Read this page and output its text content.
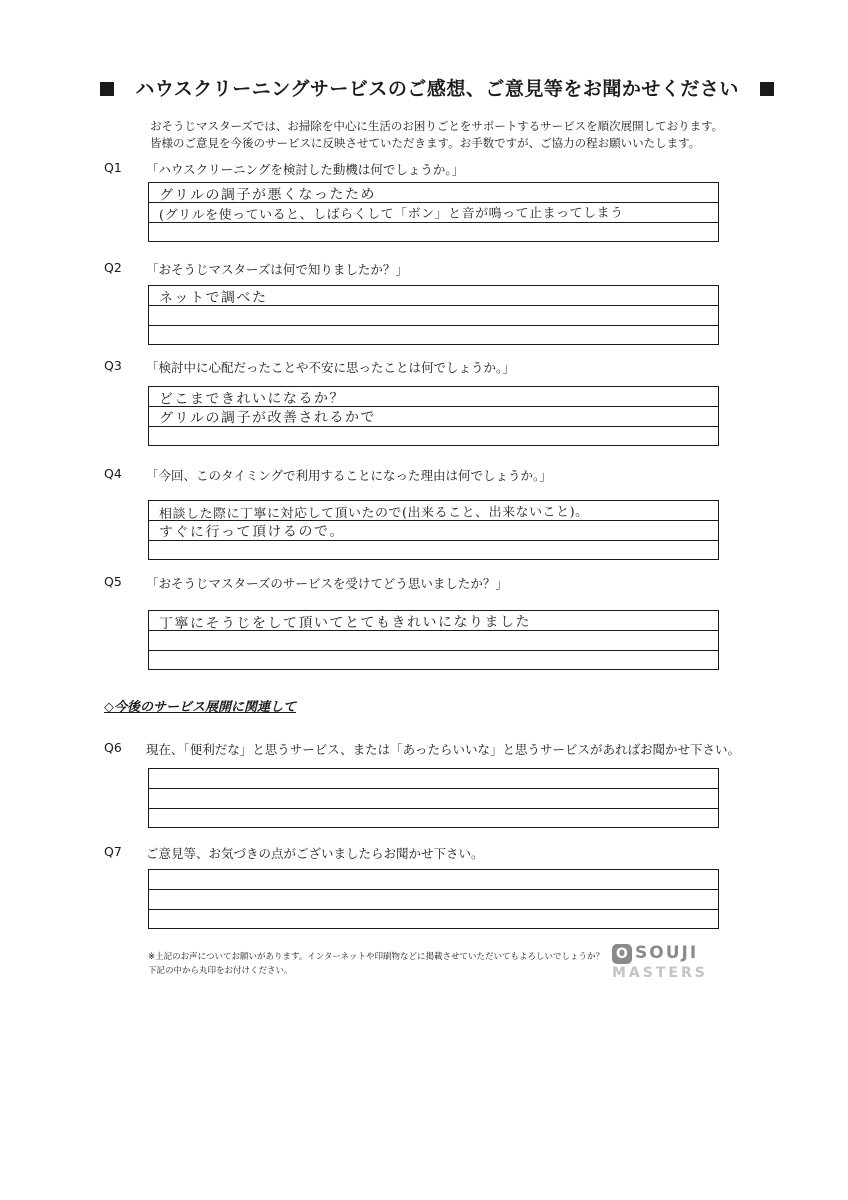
ハウスクリーニングサービスのご感想、ご意見等をお聞かせください
おそうじマスターズでは、お掃除を中心に生活のお困りごとをサポートするサービスを順次展開しております。
皆様のご意見を今後のサービスに反映させていただきます。お手数ですが、ご協力の程お願いいたします。
Q1 「ハウスクリーニングを検討した動機は何でしょうか。」
グリルの調子が悪くなったため
(グリルを使っていると、しばらくして「ボン」と音が鳴って止まってしまう
Q2 「おそうじマスターズは何で知りましたか？」
ネットで調べた
Q3 「検討中に心配だったことや不安に思ったことは何でしょうか。」
どこまできれいになるか？
グリルの調子が改善されるかで
Q4 「今回、このタイミングで利用することになった理由は何でしょうか。」
相談した際に丁寧に対応して頂いたので(出来ること、出来ないこと)。
すぐに行って頂けるので。
Q5 「おそうじマスターズのサービスを受けてどう思いましたか？」
丁寧にそうじをして頂いてとてもきれいになりました
◇今後のサービス展開に関連して
Q6 現在、「便利だな」と思うサービス、または「あったらいいな」と思うサービスがあればお聞かせ下さい。
Q7 ご意見等、お気づきの点がございましたらお聞かせ下さい。
※上記のお声についてお願いがあります。インターネットや印刷物などに掲載させていただいてもよろしいでしょうか？
下記の中から丸印をお付けください。
O SOUJI
MASTERS
